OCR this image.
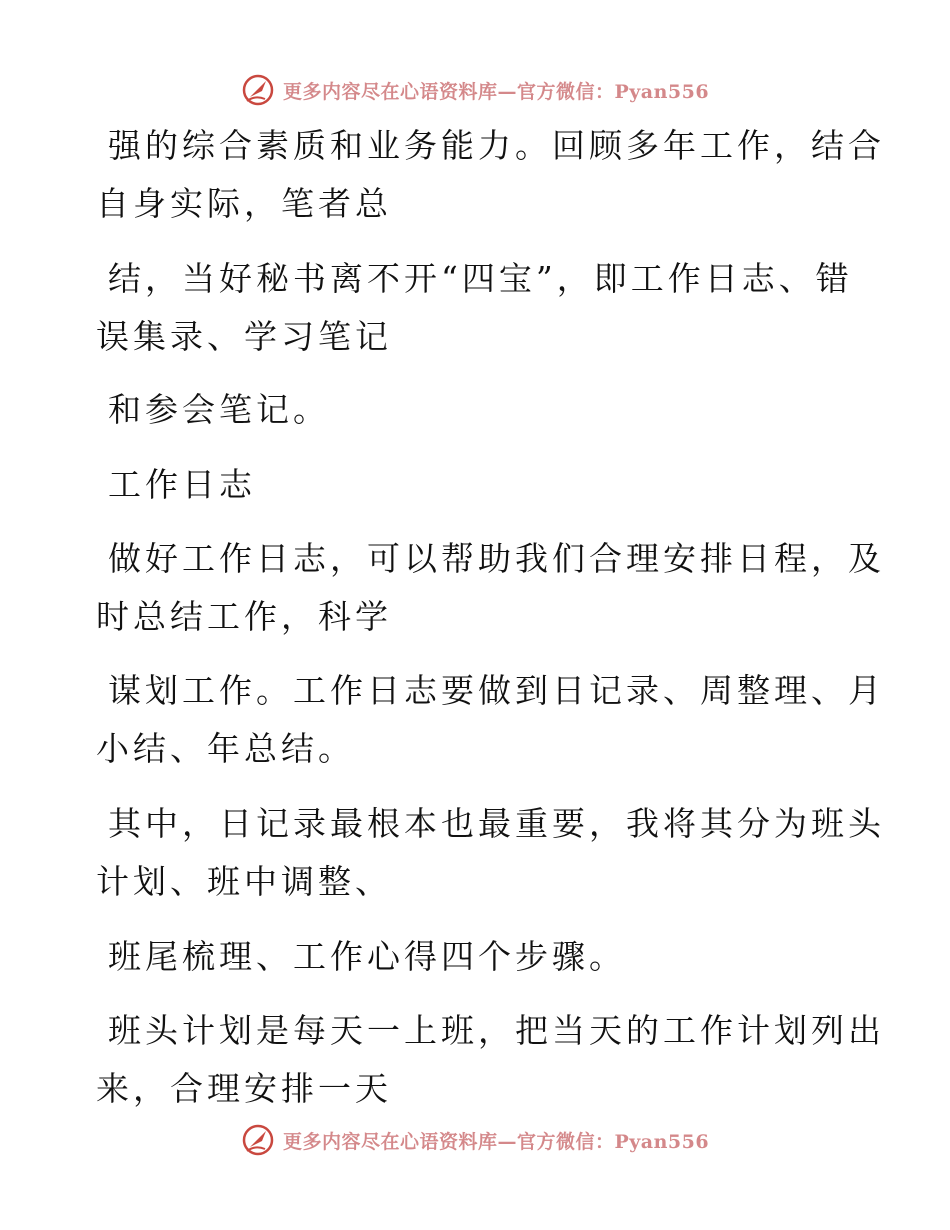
更多内容尽在心语资料库—官方微信：Pyan556

强的综合素质和业务能力。回顾多年工作，结合
自身实际，笔者总

结，当好秘书离不开“四宝”，即工作日志、错
误集录、学习笔记

和参会笔记。

工作日志

做好工作日志，可以帮助我们合理安排日程，及
时总结工作，科学

谋划工作。工作日志要做到日记录、周整理、月
小结、年总结。

其中，日记录最根本也最重要，我将其分为班头
计划、班中调整、

班尾梳理、工作心得四个步骤。

班头计划是每天一上班，把当天的工作计划列出
来，合理安排一天

更多内容尽在心语资料库—官方微信：Pyan556
